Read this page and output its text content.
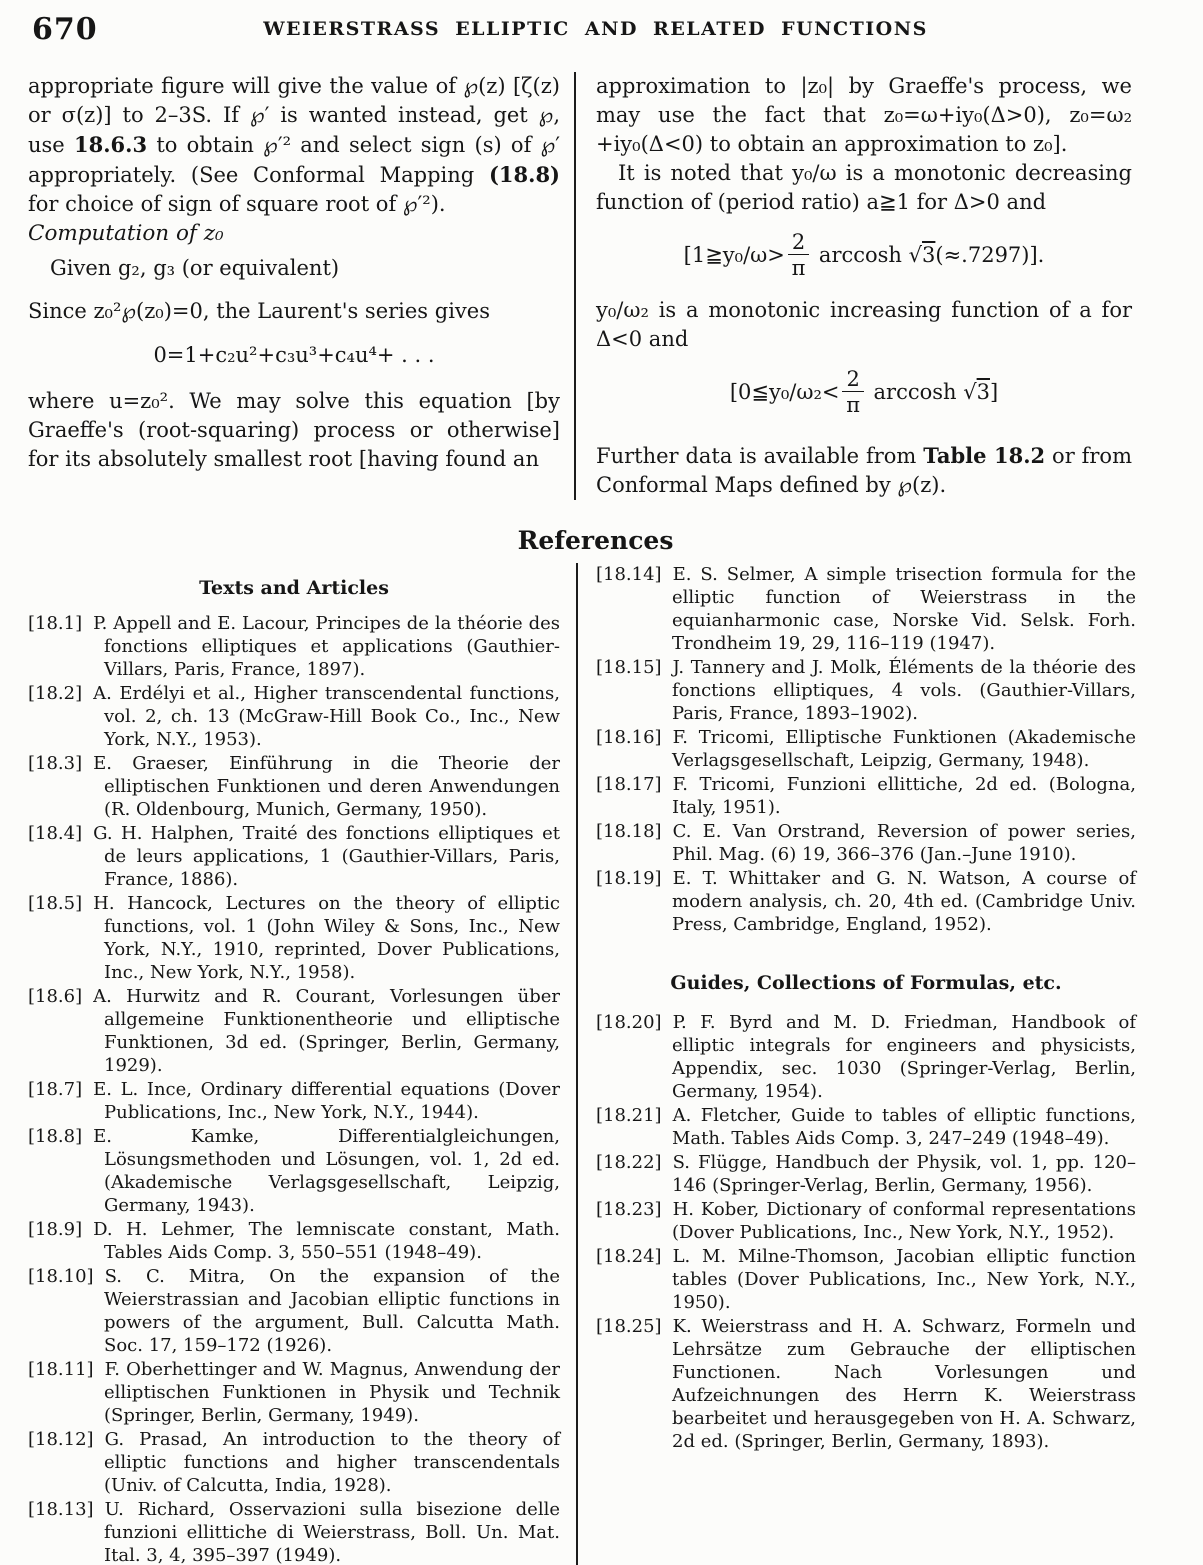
670	WEIERSTRASS ELLIPTIC AND RELATED FUNCTIONS

appropriate figure will give the value of ℘(z) [ζ(z) or σ(z)] to 2–3S. If ℘′ is wanted instead, get ℘, use 18.6.3 to obtain ℘′² and select sign (s) of ℘′ appropriately. (See Conformal Mapping (18.8) for choice of sign of square root of ℘′²).

Computation of z₀

Given g₂, g₃ (or equivalent)

Since z₀²℘(z₀)=0, the Laurent's series gives

0=1+c₂u²+c₃u³+c₄u⁴+ . . .

where u=z₀². We may solve this equation [by Graeffe's (root-squaring) process or otherwise] for its absolutely smallest root [having found an

approximation to |z₀| by Graeffe's process, we may use the fact that z₀=ω+iy₀(Δ>0), z₀=ω₂ +iy₀(Δ<0) to obtain an approximation to z₀].

It is noted that y₀/ω is a monotonic decreasing function of (period ratio) a≧1 for Δ>0 and

[1≧y₀/ω> $\frac{2}{\pi}$ arccosh √3(≈.7297)].

y₀/ω₂ is a monotonic increasing function of a for Δ<0 and

[0≦y₀/ω₂< $\frac{2}{\pi}$ arccosh √3]

Further data is available from Table 18.2 or from Conformal Maps defined by ℘(z).

References
Texts and Articles
[18.1] P. Appell and E. Lacour, Principes de la théorie des fonctions elliptiques et applications (Gauthier-Villars, Paris, France, 1897).
[18.2] A. Erdélyi et al., Higher transcendental functions, vol. 2, ch. 13 (McGraw-Hill Book Co., Inc., New York, N.Y., 1953).
[18.3] E. Graeser, Einführung in die Theorie der elliptischen Funktionen und deren Anwendungen (R. Oldenbourg, Munich, Germany, 1950).
[18.4] G. H. Halphen, Traité des fonctions elliptiques et de leurs applications, 1 (Gauthier-Villars, Paris, France, 1886).
[18.5] H. Hancock, Lectures on the theory of elliptic functions, vol. 1 (John Wiley & Sons, Inc., New York, N.Y., 1910, reprinted, Dover Publications, Inc., New York, N.Y., 1958).
[18.6] A. Hurwitz and R. Courant, Vorlesungen über allgemeine Funktionentheorie und elliptische Funktionen, 3d ed. (Springer, Berlin, Germany, 1929).
[18.7] E. L. Ince, Ordinary differential equations (Dover Publications, Inc., New York, N.Y., 1944).
[18.8] E. Kamke, Differentialgleichungen, Lösungsmethoden und Lösungen, vol. 1, 2d ed. (Akademische Verlagsgesellschaft, Leipzig, Germany, 1943).
[18.9] D. H. Lehmer, The lemniscate constant, Math. Tables Aids Comp. 3, 550–551 (1948–49).
[18.10] S. C. Mitra, On the expansion of the Weierstrassian and Jacobian elliptic functions in powers of the argument, Bull. Calcutta Math. Soc. 17, 159–172 (1926).
[18.11] F. Oberhettinger and W. Magnus, Anwendung der elliptischen Funktionen in Physik und Technik (Springer, Berlin, Germany, 1949).
[18.12] G. Prasad, An introduction to the theory of elliptic functions and higher transcendentals (Univ. of Calcutta, India, 1928).
[18.13] U. Richard, Osservazioni sulla bisezione delle funzioni ellittiche di Weierstrass, Boll. Un. Mat. Ital. 3, 4, 395–397 (1949).
[18.14] E. S. Selmer, A simple trisection formula for the elliptic function of Weierstrass in the equianharmonic case, Norske Vid. Selsk. Forh. Trondheim 19, 29, 116–119 (1947).
[18.15] J. Tannery and J. Molk, Éléments de la théorie des fonctions elliptiques, 4 vols. (Gauthier-Villars, Paris, France, 1893–1902).
[18.16] F. Tricomi, Elliptische Funktionen (Akademische Verlagsgesellschaft, Leipzig, Germany, 1948).
[18.17] F. Tricomi, Funzioni ellittiche, 2d ed. (Bologna, Italy, 1951).
[18.18] C. E. Van Orstrand, Reversion of power series, Phil. Mag. (6) 19, 366–376 (Jan.–June 1910).
[18.19] E. T. Whittaker and G. N. Watson, A course of modern analysis, ch. 20, 4th ed. (Cambridge Univ. Press, Cambridge, England, 1952).
Guides, Collections of Formulas, etc.
[18.20] P. F. Byrd and M. D. Friedman, Handbook of elliptic integrals for engineers and physicists, Appendix, sec. 1030 (Springer-Verlag, Berlin, Germany, 1954).
[18.21] A. Fletcher, Guide to tables of elliptic functions, Math. Tables Aids Comp. 3, 247–249 (1948–49).
[18.22] S. Flügge, Handbuch der Physik, vol. 1, pp. 120–146 (Springer-Verlag, Berlin, Germany, 1956).
[18.23] H. Kober, Dictionary of conformal representations (Dover Publications, Inc., New York, N.Y., 1952).
[18.24] L. M. Milne-Thomson, Jacobian elliptic function tables (Dover Publications, Inc., New York, N.Y., 1950).
[18.25] K. Weierstrass and H. A. Schwarz, Formeln und Lehrsätze zum Gebrauche der elliptischen Functionen. Nach Vorlesungen und Aufzeichnungen des Herrn K. Weierstrass bearbeitet und herausgegeben von H. A. Schwarz, 2d ed. (Springer, Berlin, Germany, 1893).
